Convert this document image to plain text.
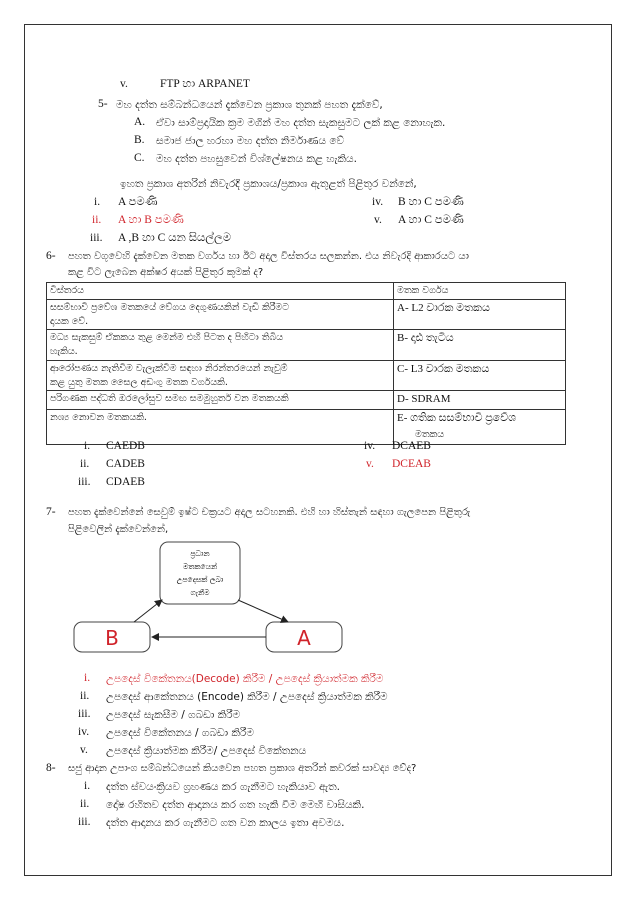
v.	FTP හා ARPANET
5- මහ දත්ත සම්බන්ධයෙන් දැක්වෙන ප්‍රකාශ තුනක් පහත දැක්වේ,
A. ඒවා සාම්ප්‍රදායික ක්‍රම මගින් මහ දත්ත සැකසුමට ලක් කළ නොහැක.
B. සමාජ ජාල හරහා මහ දත්ත නිර්මාණය වේ
C. මහ දත්ත පහසුවෙන් විශ්ලේෂනය කළ හැකිය.
ඉහත ප්‍රකාශ අතරින් නිවැරදි ප්‍රකාශය/ප්‍රකාශ ඇතුළත් පිළිතුර වන්නේ,
i. A පමණි
ii. A හා B පමණි
iii. A ,B හා C යන සියල්ලම
iv. B හා C පමණි
v. A හා C පමණි
6- පහත වගුවෙහි දැක්වෙන මතක වර්ගය හා ඊට අදාල විස්තරය සලකන්න. එය නිවැරදි ආකාරයට යා
කළ විට ලැබෙන අක්ෂර අයක් පිළිතුර කුමක් ද?
විස්තරය	මතක වර්ගය
සසම්භාවී ප්‍රවේශ මතකයේ වේගය දෙගුණයකින් වැඩි කිරීමට
දායක වේ.	A- L2 වාරක මතකය
මධ්‍ය සැකසුම් ඒකකය තුළ මෙන්ම එහි පිටත ද පිහිටා තිබිය
හැකිය.	B- දෘඪ තැටිය
ආරෝපණය නැතිවීම වැලැක්වීම සඳහා නිරන්තරයෙන් නැවුම්
කළ යුතු මතක සෛල අඩංගු මතක වර්ගයකි.	C- L3 වාරක මතකය
පරිගණක පද්ධති ඔරලෝසුව සමඟ සමමුහුර්ත වන මතකයකි	D- SDRAM
නශ්‍ය නොවන මතකයකි.	E- ගතික සසම්භාවී ප්‍රවේශ
මතකය
i. CAEDB
ii. CADEB
iii. CDAEB
iv. DCAEB
v. DCEAB
7- පහත දැක්වෙන්නේ සෙවුම් ඉෂ්ට චක්‍රයට අදාල සටහනකි. එහි හා හිස්තැන් සඳහා ගැලපෙන පිළිතුරු
පිළිවෙලින් දැක්වෙන්නේ,
ප්‍රධාන
මතකයෙන්
උපදෙසක් ලබා
ගැනීම
B	A
i. උපදෙස් විකේතනය(Decode) කිරීම / උපදෙස් ක්‍රියාත්මක කිරීම
ii. උපදෙස් ආකේතනය (Encode) කිරීම / උපදෙස් ක්‍රියාත්මක කිරීම
iii. උපදෙස් සැකසීම / ගබඩා කිරීම
iv. උපදෙස් විකේතනය / ගබඩා කිරීම
v. උපදෙස් ක්‍රියාත්මක කිරීම/ උපදෙස් විකේතනය
8- සජු ආදාන උපාංග සම්බන්ධයෙන් කියවෙන පහත ප්‍රකාශ අතරින් කවරක් සාවද්‍ය වේද?
i. දත්ත ස්වයංක්‍රියව ග්‍රහණය කර ගැනීමට හැකියාව ඇත.
ii. දෝෂ රහිතව දත්ත ආදානය කර ගත හැකි වීම මෙහි වාසියකි.
iii. දත්ත ආදානය කර ගැනීමට ගත වන කාලය ඉතා අවමය.
